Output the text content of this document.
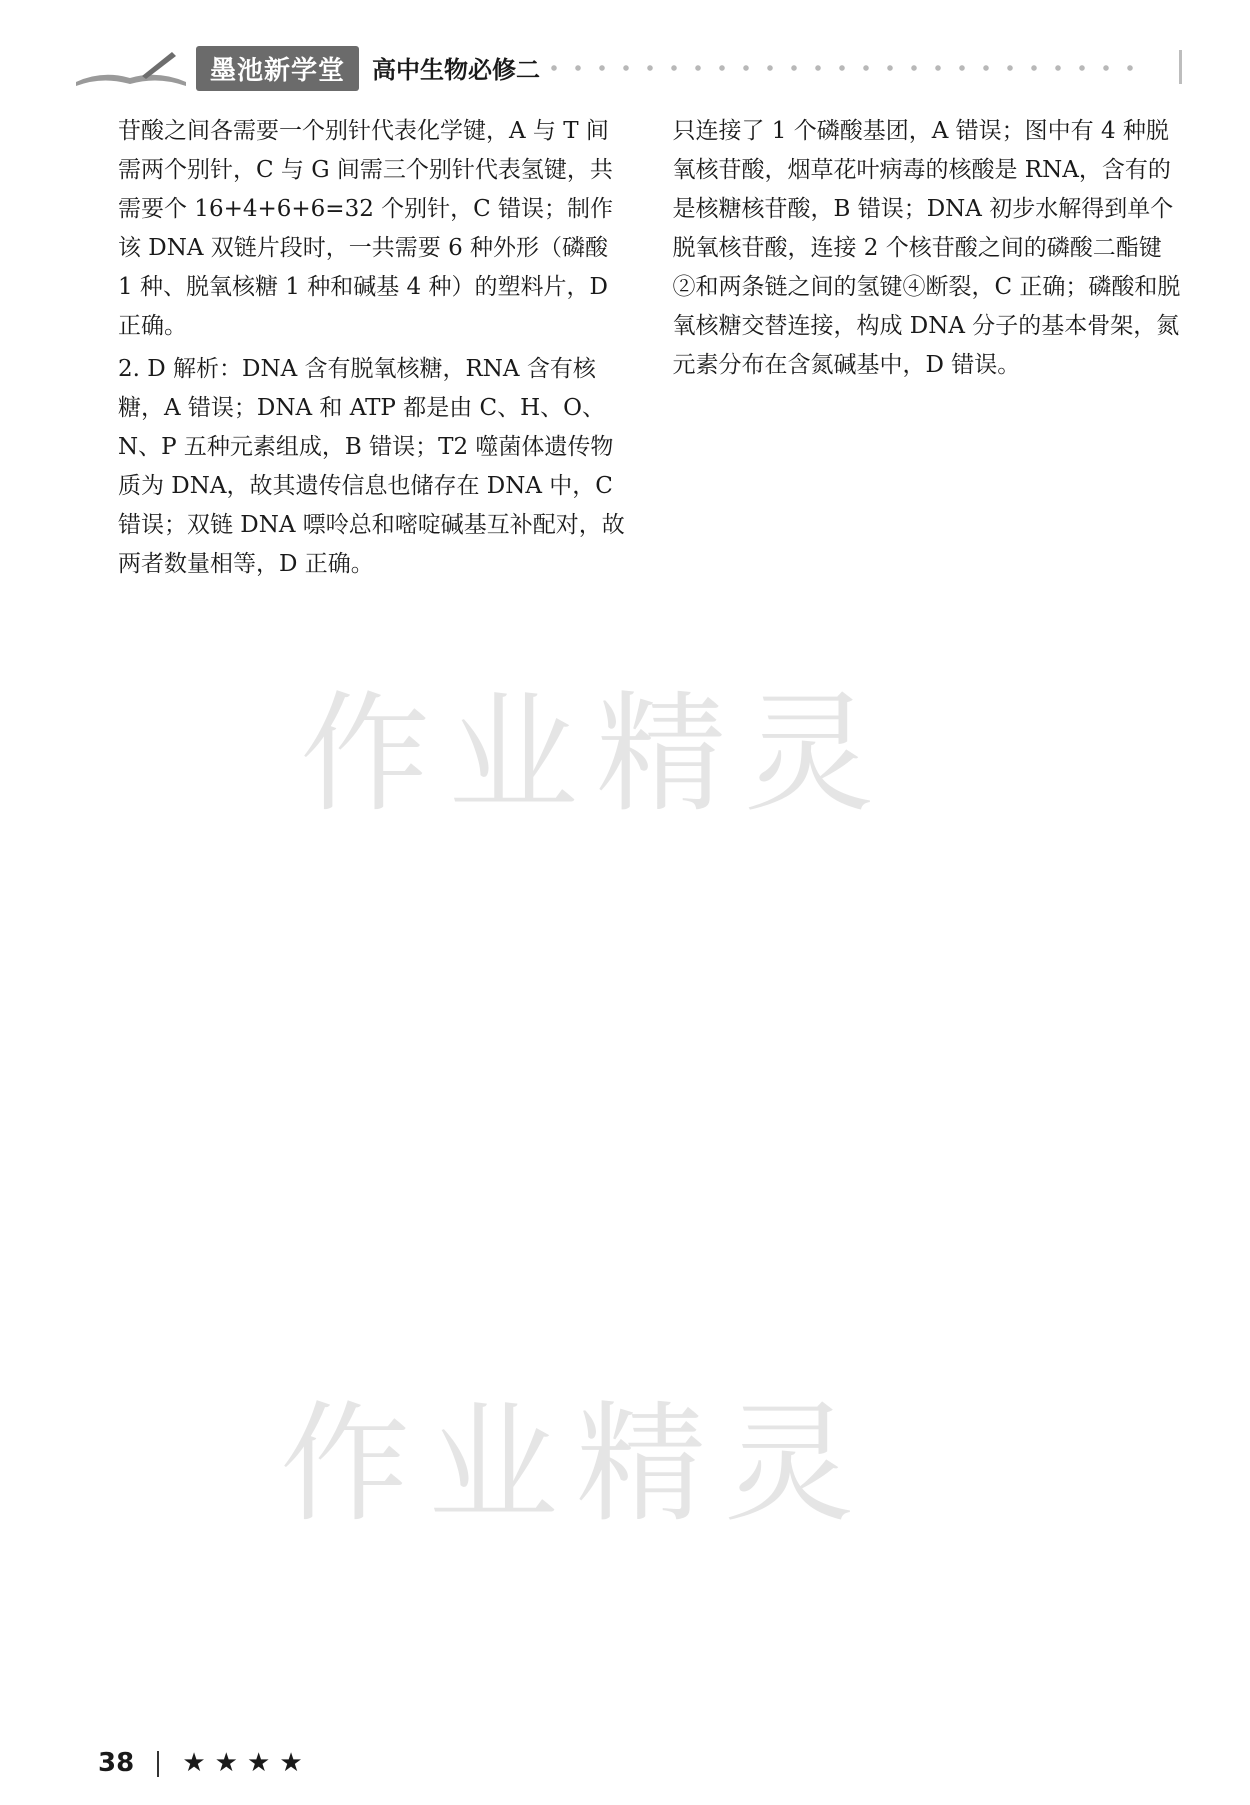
墨池新学堂	高中生物必修二

苷酸之间各需要一个别针代表化学键，A 与 T 间需两个别针，C 与 G 间需三个别针代表氢键，共需要个 16+4+6+6=32 个别针，C 错误；制作该 DNA 双链片段时，一共需要 6 种外形（磷酸 1 种、脱氧核糖 1 种和碱基 4 种）的塑料片，D 正确。

2. D 解析：DNA 含有脱氧核糖，RNA 含有核糖，A 错误；DNA 和 ATP 都是由 C、H、O、N、P 五种元素组成，B 错误；T2 噬菌体遗传物质为 DNA，故其遗传信息也储存在 DNA 中，C 错误；双链 DNA 嘌呤总和嘧啶碱基互补配对，故两者数量相等，D 正确。

只连接了 1 个磷酸基团，A 错误；图中有 4 种脱氧核苷酸，烟草花叶病毒的核酸是 RNA，含有的是核糖核苷酸，B 错误；DNA 初步水解得到单个脱氧核苷酸，连接 2 个核苷酸之间的磷酸二酯键②和两条链之间的氢键④断裂，C 正确；磷酸和脱氧核糖交替连接，构成 DNA 分子的基本骨架，氮元素分布在含氮碱基中，D 错误。

作业精灵
作业精灵
38 ★ ★ ★ ★
